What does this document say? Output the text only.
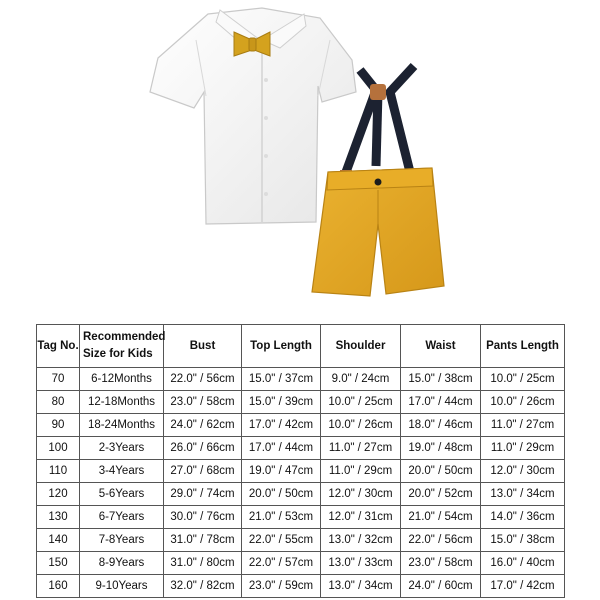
Tag No.	Recommended Size for Kids	Bust	Top Length	Shoulder	Waist	Pants Length
70	6-12Months	22.0" / 56cm	15.0" / 37cm	9.0" / 24cm	15.0" / 38cm	10.0" / 25cm
80	12-18Months	23.0" / 58cm	15.0" / 39cm	10.0" / 25cm	17.0" / 44cm	10.0" / 26cm
90	18-24Months	24.0" / 62cm	17.0" / 42cm	10.0" / 26cm	18.0" / 46cm	11.0" / 27cm
100	2-3Years	26.0" / 66cm	17.0" / 44cm	11.0" / 27cm	19.0" / 48cm	11.0" / 29cm
110	3-4Years	27.0" / 68cm	19.0" / 47cm	11.0" / 29cm	20.0" / 50cm	12.0" / 30cm
120	5-6Years	29.0" / 74cm	20.0" / 50cm	12.0" / 30cm	20.0" / 52cm	13.0" / 34cm
130	6-7Years	30.0" / 76cm	21.0" / 53cm	12.0" / 31cm	21.0" / 54cm	14.0" / 36cm
140	7-8Years	31.0" / 78cm	22.0" / 55cm	13.0" / 32cm	22.0" / 56cm	15.0" / 38cm
150	8-9Years	31.0" / 80cm	22.0" / 57cm	13.0" / 33cm	23.0" / 58cm	16.0" / 40cm
160	9-10Years	32.0" / 82cm	23.0" / 59cm	13.0" / 34cm	24.0" / 60cm	17.0" / 42cm
